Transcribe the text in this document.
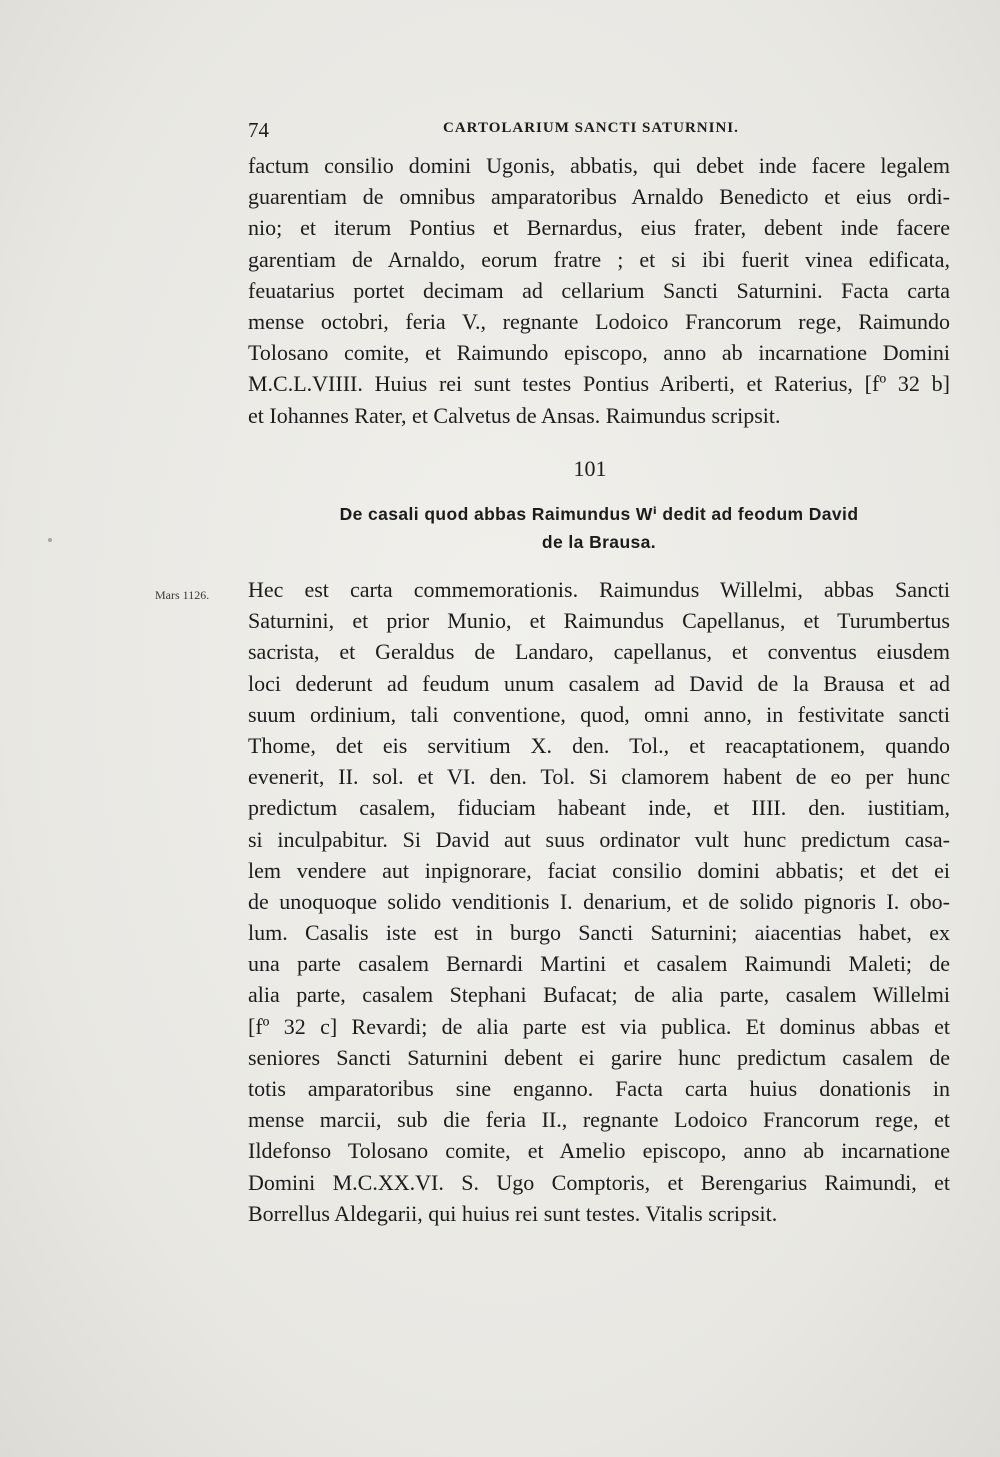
74	CARTOLARIUM SANCTI SATURNINI.
factum consilio domini Ugonis, abbatis, qui debet inde facere legalem
guarentiam de omnibus amparatoribus Arnaldo Benedicto et eius ordi-
nio; et iterum Pontius et Bernardus, eius frater, debent inde facere
garentiam de Arnaldo, eorum fratre ; et si ibi fuerit vinea edificata,
feuatarius portet decimam ad cellarium Sancti Saturnini. Facta carta
mense octobri, feria V., regnante Lodoico Francorum rege, Raimundo
Tolosano comite, et Raimundo episcopo, anno ab incarnatione Domini
M.C.L.VIIII. Huius rei sunt testes Pontius Ariberti, et Raterius, [fº 32 b]
et Iohannes Rater, et Calvetus de Ansas. Raimundus scripsit.
101
De casali quod abbas Raimundus Wⁱ dedit ad feodum David
de la Brausa.
Mars 1126. Hec est carta commemorationis. Raimundus Willelmi, abbas Sancti
Saturnini, et prior Munio, et Raimundus Capellanus, et Turumbertus
sacrista, et Geraldus de Landaro, capellanus, et conventus eiusdem
loci dederunt ad feudum unum casalem ad David de la Brausa et ad
suum ordinium, tali conventione, quod, omni anno, in festivitate sancti
Thome, det eis servitium X. den. Tol., et reacaptationem, quando
evenerit, II. sol. et VI. den. Tol. Si clamorem habent de eo per hunc
predictum casalem, fiduciam habeant inde, et IIII. den. iustitiam,
si inculpabitur. Si David aut suus ordinator vult hunc predictum casa-
lem vendere aut inpignorare, faciat consilio domini abbatis; et det ei
de unoquoque solido venditionis I. denarium, et de solido pignoris I. obo-
lum. Casalis iste est in burgo Sancti Saturnini; aiacentias habet, ex
una parte casalem Bernardi Martini et casalem Raimundi Maleti; de
alia parte, casalem Stephani Bufacat; de alia parte, casalem Willelmi
[fº 32 c] Revardi; de alia parte est via publica. Et dominus abbas et
seniores Sancti Saturnini debent ei garire hunc predictum casalem de
totis amparatoribus sine enganno. Facta carta huius donationis in
mense marcii, sub die feria II., regnante Lodoico Francorum rege, et
Ildefonso Tolosano comite, et Amelio episcopo, anno ab incarnatione
Domini M.C.XX.VI. S. Ugo Comptoris, et Berengarius Raimundi, et
Borrellus Aldegarii, qui huius rei sunt testes. Vitalis scripsit.
